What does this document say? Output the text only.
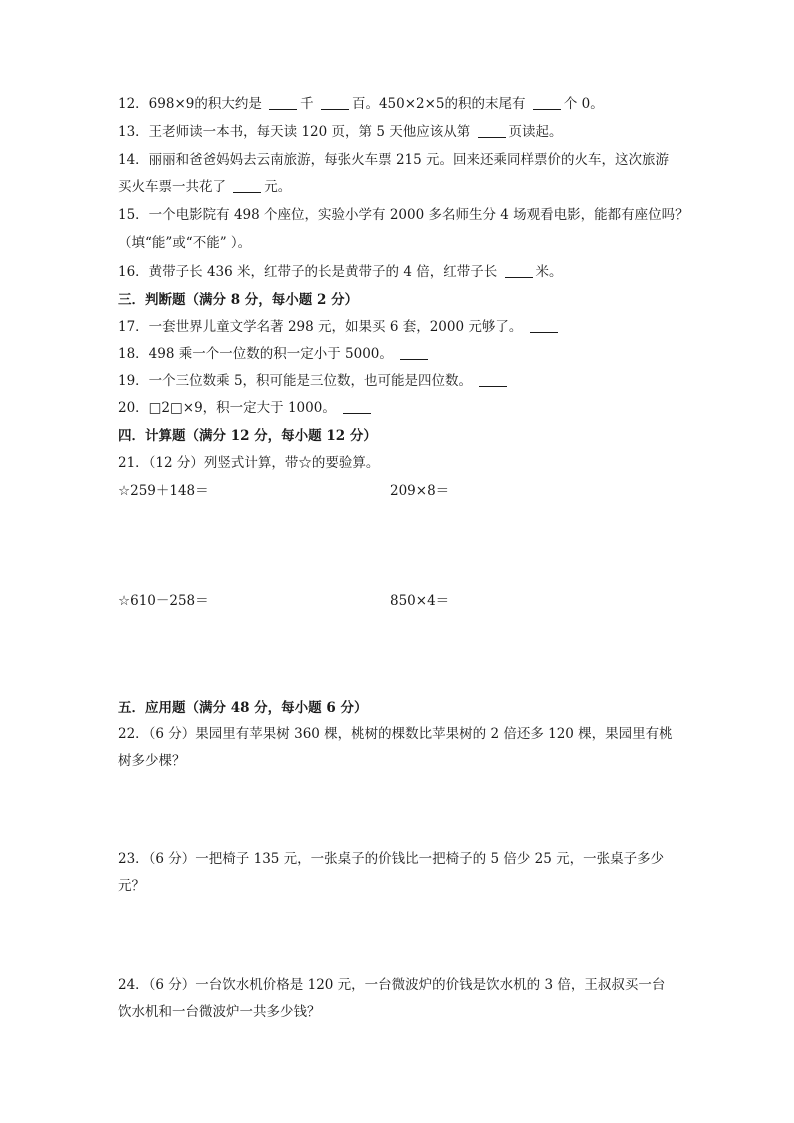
12．698×9的积大约是	千	百。450×2×5的积的末尾有	个 0。
13．王老师读一本书，每天读 120 页，第 5 天他应该从第	页读起。
14．丽丽和爸爸妈妈去云南旅游，每张火车票 215 元。回来还乘同样票价的火车，这次旅游
买火车票一共花了	元。
15．一个电影院有 498 个座位，实验小学有 2000 多名师生分 4 场观看电影，能都有座位吗？
（填“能”或“不能” ）。
16．黄带子长 436 米，红带子的长是黄带子的 4 倍，红带子长	米。
三．判断题（满分 8 分，每小题 2 分）
17．一套世界儿童文学名著 298 元，如果买 6 套，2000 元够了。
18．498 乘一个一位数的积一定小于 5000。
19．一个三位数乘 5，积可能是三位数，也可能是四位数。
20．□2□×9，积一定大于 1000。
四．计算题（满分 12 分，每小题 12 分）
21．（12 分）列竖式计算，带☆的要验算。
☆259＋148＝	209×8＝
☆610－258＝	850×4＝
五．应用题（满分 48 分，每小题 6 分）
22．（6 分）果园里有苹果树 360 棵，桃树的棵数比苹果树的 2 倍还多 120 棵，果园里有桃
树多少棵？
23．（6 分）一把椅子 135 元，一张桌子的价钱比一把椅子的 5 倍少 25 元，一张桌子多少
元？
24．（6 分）一台饮水机价格是 120 元，一台微波炉的价钱是饮水机的 3 倍，王叔叔买一台
饮水机和一台微波炉一共多少钱？
